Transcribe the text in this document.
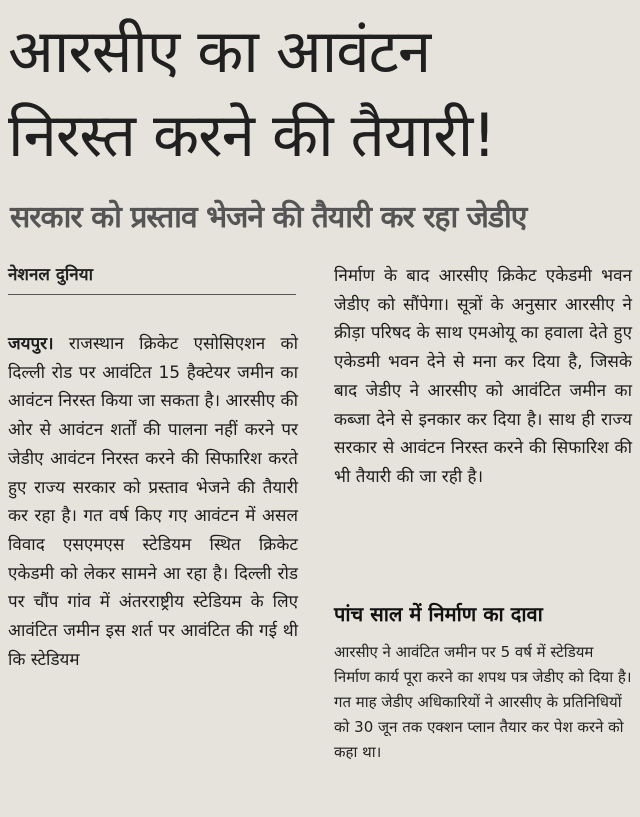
आरसीए का आवंटन
निरस्त करने की तैयारी!
सरकार को प्रस्ताव भेजने की तैयारी कर रहा जेडीए
नेशनल दुनिया

जयपुर। राजस्थान क्रिकेट एसोसिएशन को दिल्ली रोड पर आवंटित 15 हैक्टेयर जमीन का आवंटन निरस्त किया जा सकता है। आरसीए की ओर से आवंटन शर्तों की पालना नहीं करने पर जेडीए आवंटन निरस्त करने की सिफारिश करते हुए राज्य सरकार को प्रस्ताव भेजने की तैयारी कर रहा है। गत वर्ष किए गए आवंटन में असल विवाद एसएमएस स्टेडियम स्थित क्रिकेट एकेडमी को लेकर सामने आ रहा है। दिल्ली रोड पर चौंप गांव में अंतरराष्ट्रीय स्टेडियम के लिए आवंटित जमीन इस शर्त पर आवंटित की गई थी कि स्टेडियम

निर्माण के बाद आरसीए क्रिकेट एकेडमी भवन जेडीए को सौंपेगा। सूत्रों के अनुसार आरसीए ने क्रीड़ा परिषद के साथ एमओयू का हवाला देते हुए एकेडमी भवन देने से मना कर दिया है, जिसके बाद जेडीए ने आरसीए को आवंटित जमीन का कब्जा देने से इनकार कर दिया है। साथ ही राज्य सरकार से आवंटन निरस्त करने की सिफारिश की भी तैयारी की जा रही है।

पांच साल में निर्माण का दावा

आरसीए ने आवंटित जमीन पर 5 वर्ष में स्टेडियम निर्माण कार्य पूरा करने का शपथ पत्र जेडीए को दिया है। गत माह जेडीए अधिकारियों ने आरसीए के प्रतिनिधियों को 30 जून तक एक्शन प्लान तैयार कर पेश करने को कहा था।
